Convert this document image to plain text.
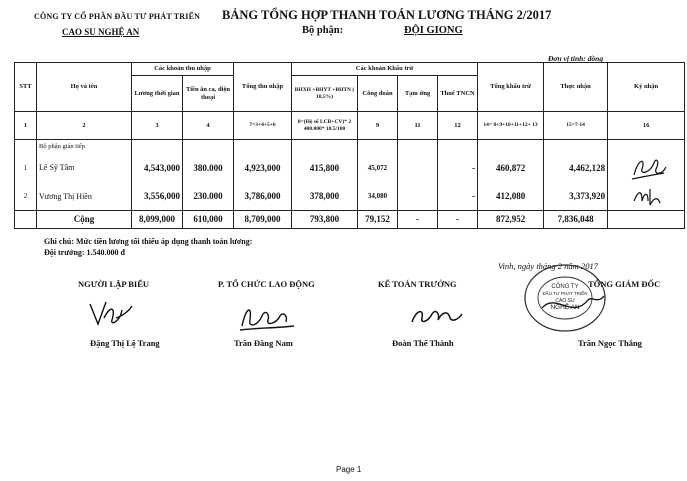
CÔNG TY CỔ PHẦN ĐẦU TƯ PHÁT TRIỂN
CAO SU NGHỆ AN
BẢNG TỔNG HỢP THANH TOÁN LƯƠNG THÁNG 2/2017
Bộ phận:	ĐỘI GIONG
Đơn vị tính: đồng
STT	Họ và tên	Các khoản thu nhập		Tổng thu nhập	Các khoản Khấu trừ				Tổng khấu trừ	Thực nhận	Ký nhận
		Lương thời gian	Tiền ăn ca, điện thoại		BHXH +BHYT +BHTN ( 10,5%)	Công đoàn	Tạm ứng	Thuế TNCN			
1	2	3	4	7=3+4+5+6	8=(Hệ số LCB+CV)* 2 400.000* 10.5/100	9	11	12	14= 8+9+10+11+12+ 13	15=7-14	16
	Bộ phận gián tiếp										
1	Lê Sỹ Tâm	4,543,000	380.000	4,923,000	415,800	45,072		-	460,872	4,462,128	

2	Vương Thị Hiền	3,556,000	230.000	3,786,000	378,000	34,080		-	412,080	3,373,920	

	Cộng	8,099,000	610,000	8,709,000	793,800	79,152	-	-	872,952	7,836,048	
Ghi chú: Mức tiền lương tối thiểu áp dụng thanh toán lương:
Đội trưởng: 1.540.000 đ
Vinh, ngày tháng 2 năm 2017
NGƯỜI LẬP BIỂU	P. TỔ CHỨC LAO ĐỘNG	KẾ TOÁN TRƯỞNG	TỔNG GIÁM ĐỐC
CÔNG TY
ĐẦU TƯ PHÁT TRIỂN
CAO SU
NGHỆ AN
Đặng Thị Lệ Trang	Trần Đăng Nam	Đoàn Thế Thành	Trần Ngọc Thắng
Page 1
